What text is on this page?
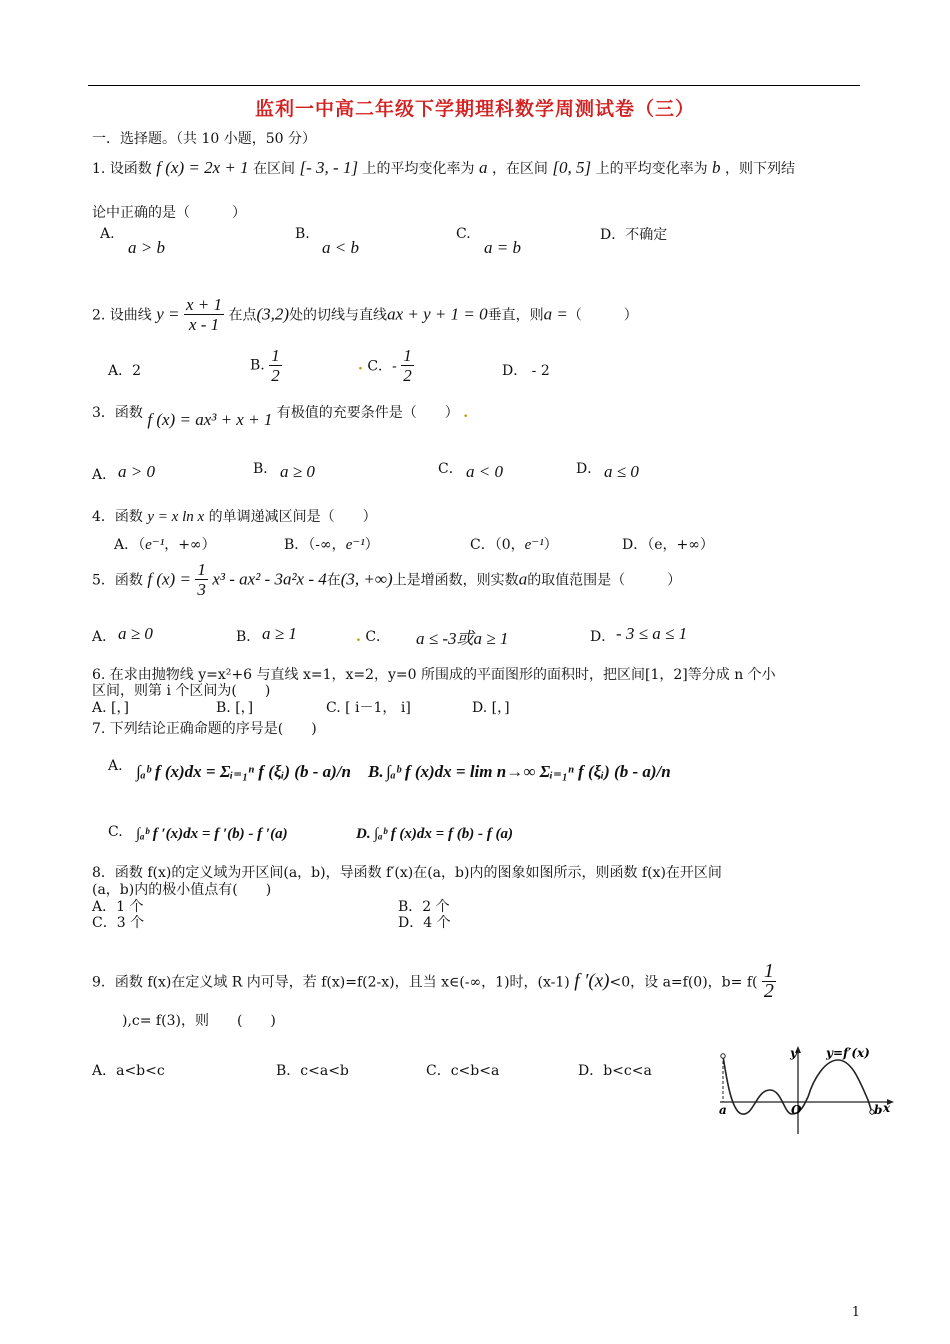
监利一中高二年级下学期理科数学周测试卷（三）
一．选择题。（共 10 小题，50 分）
1. 设函数 f (x) = 2x + 1 在区间 [- 3, - 1] 上的平均变化率为 a ，在区间 [0, 5] 上的平均变化率为 b ，则下列结
论中正确的是（　　　）
A.
a > b
B.
a < b
C.
a = b
D．不确定
2. 设曲线 $y = \frac{x + 1}{x - 1}$ 在点(3,2)处的切线与直线ax + y + 1 = 0垂直，则a =（　　　）
A．2	B. $\frac{1}{2}$	. C．- $\frac{1}{2}$	D． - 2
3．函数 f (x) = ax³ + x + 1 有极值的充要条件是（　　） .
A． a > 0	B． a ≥ 0	C． a < 0	D． a ≤ 0
4．函数 y = x ln x 的单调递减区间是（　　）
A．（e⁻¹，+∞）	B．（-∞，e⁻¹）	C．（0，e⁻¹）	D．（e，+∞）
5．函数 f $(x) = \frac{1}{3} x^3 - ax^2 - 3a^2x - 4$在(3, +∞)上是增函数，则实数a的取值范围是（　　　）
A． a ≥ 0	B． a ≥ 1	. C． a ≤ -3或a ≥ 1	D． - 3 ≤ a ≤ 1
6. 在求由抛物线 y=x²+6 与直线 x=1，x=2，y=0 所围成的平面图形的面积时，把区间[1，2]等分成 n 个小
区间，则第 i 个区间为(　　)
A. [，]	B. [，]	C. [ i－1， i]	D. [，]
7. 下列结论正确命题的序号是(　　)
A. ∫ₐᵇ f (x)dx = Σᵢ₌₁ⁿ f (ξᵢ) (b - a)/n B. ∫ₐᵇ f (x)dx = lim n→∞ Σᵢ₌₁ⁿ f (ξᵢ) (b - a)/n
C. ∫ₐᵇ f ′(x)dx = f ′(b) - f ′(a)	D. ∫ₐᵇ f (x)dx = f (b) - f (a)
8．函数 f(x)的定义域为开区间(a，b)，导函数 f′(x)在(a，b)内的图象如图所示，则函数 f(x)在开区间
(a，b)内的极小值点有(　　)
A．1 个	B．2 个
C．3 个	D．4 个
9．函数 f(x)在定义域 R 内可导，若 f(x)=f(2-x)，且当 x∈(-∞，1)时，(x-1) f ′(x)<0，设 a=f(0)，$b= f( \frac{1}{2}$
),c= f(3)，则　　(　　)
A．a<b<c	B．c<a<b	C．c<b<a	D．b<c<a
y y=f′(x)
a	O	b x
1
